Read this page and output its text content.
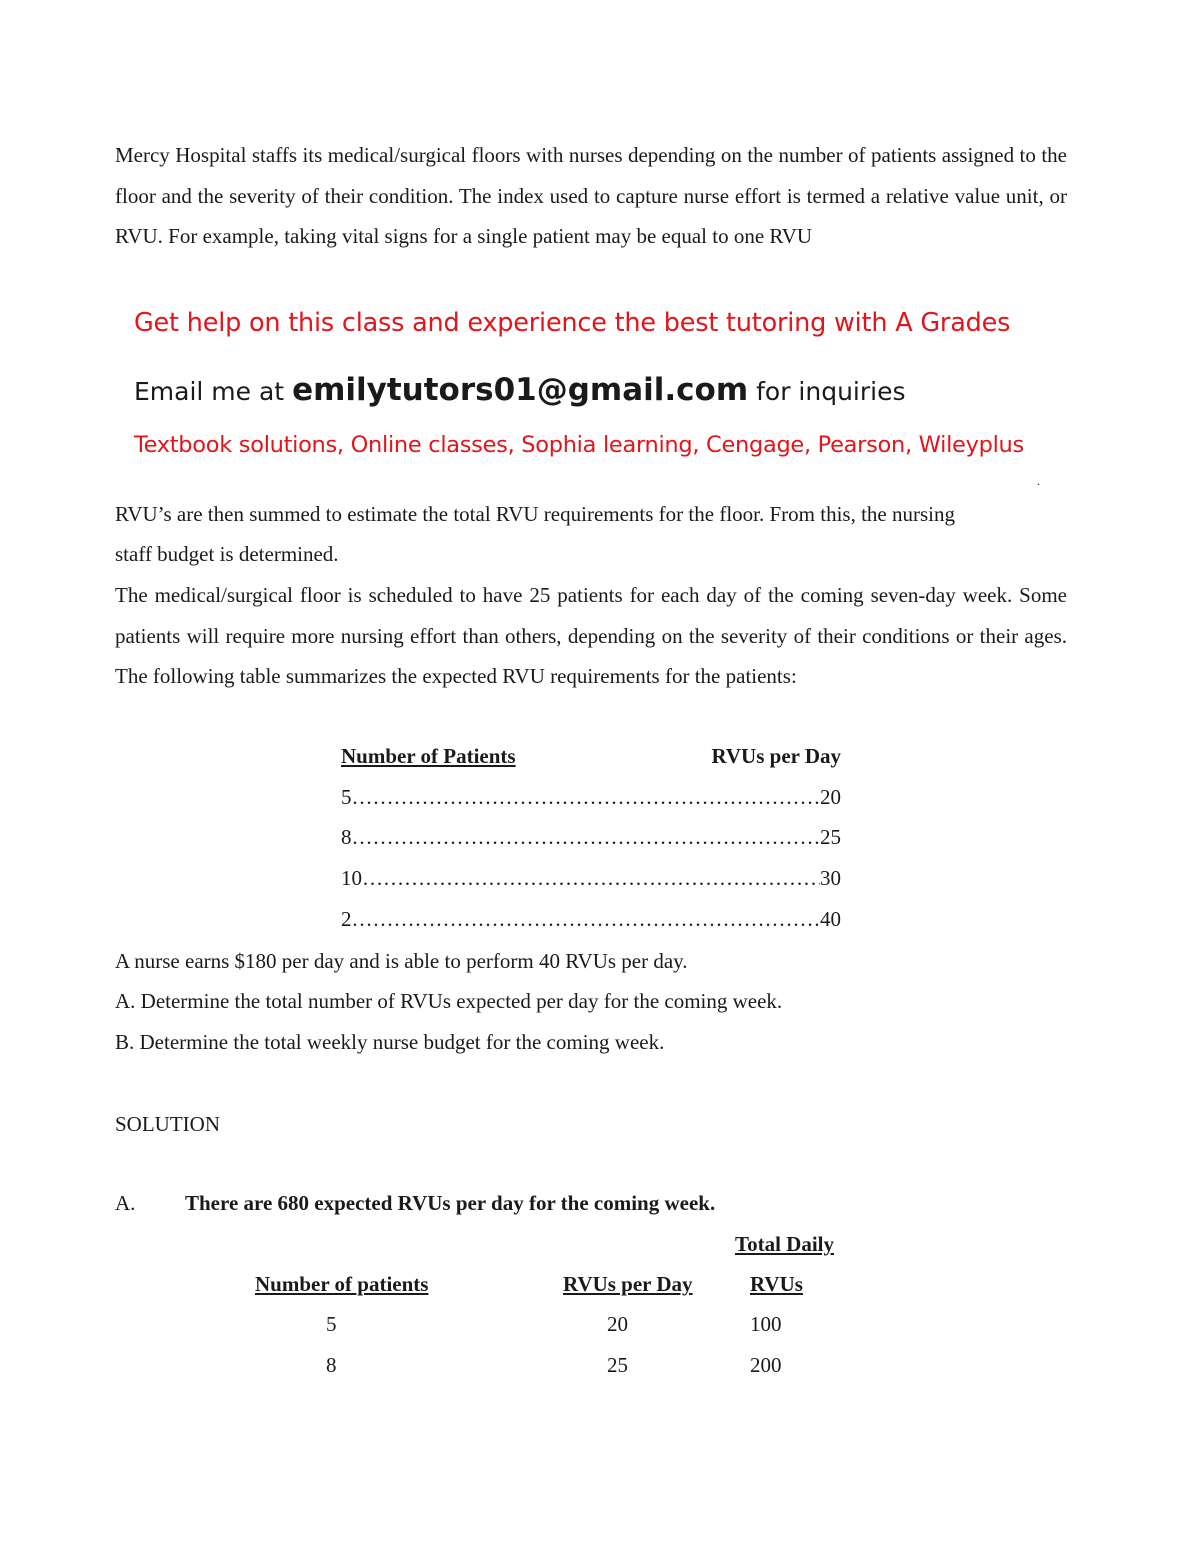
Mercy Hospital staffs its medical/surgical floors with nurses depending on the number of patients assigned to the floor and the severity of their condition. The index used to capture nurse effort is termed a relative value unit, or RVU. For example, taking vital signs for a single patient may be equal to one RVU

Get help on this class and experience the best tutoring with A Grades
Email me at emilytutors01@gmail.com for inquiries
Textbook solutions, Online classes, Sophia learning, Cengage, Pearson, Wileyplus
.
RVU’s are then summed to estimate the total RVU requirements for the floor. From this, the nursing
staff budget is determined.

The medical/surgical floor is scheduled to have 25 patients for each day of the coming seven-day week. Some patients will require more nursing effort than others, depending on the severity of their conditions or their ages. The following table summarizes the expected RVU requirements for the patients:

Number of Patients	RVUs per Day

5 ……………………………………………………………………………………	20
8 ……………………………………………………………………………………	25
10 ……………………………………………………………………………………	30
2 ……………………………………………………………………………………	40
A nurse earns $180 per day and is able to perform 40 RVUs per day.
A. Determine the total number of RVUs expected per day for the coming week.
B. Determine the total weekly nurse budget for the coming week.
SOLUTION
A. There are 680 expected RVUs per day for the coming week.
Total Daily
Number of patients	RVUs per Day	RVUs
5	20	100
8	25	200
